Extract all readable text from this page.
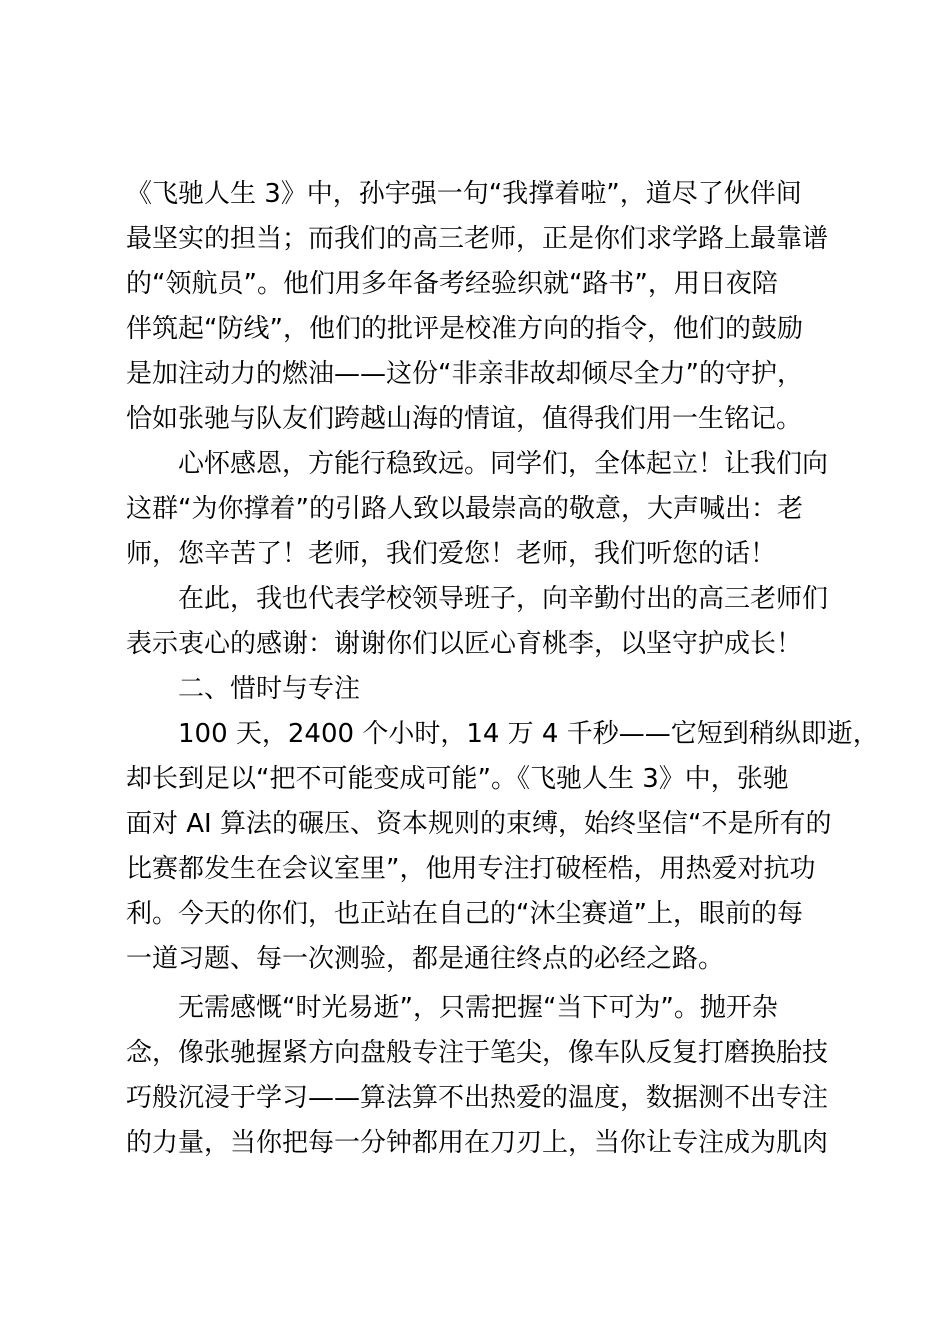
《飞驰人生 3》中，孙宇强一句“我撑着啦”，道尽了伙伴间
最坚实的担当；而我们的高三老师，正是你们求学路上最靠谱
的“领航员”。他们用多年备考经验织就“路书”，用日夜陪
伴筑起“防线”，他们的批评是校准方向的指令，他们的鼓励
是加注动力的燃油——这份“非亲非故却倾尽全力”的守护，
恰如张驰与队友们跨越山海的情谊，值得我们用一生铭记。
心怀感恩，方能行稳致远。同学们，全体起立！让我们向
这群“为你撑着”的引路人致以最崇高的敬意，大声喊出：老
师，您辛苦了！老师，我们爱您！老师，我们听您的话！
在此，我也代表学校领导班子，向辛勤付出的高三老师们
表示衷心的感谢：谢谢你们以匠心育桃李，以坚守护成长！
二、惜时与专注
100 天，2400 个小时，14 万 4 千秒——它短到稍纵即逝，
却长到足以“把不可能变成可能”。《飞驰人生 3》中，张驰
面对 AI 算法的碾压、资本规则的束缚，始终坚信“不是所有的
比赛都发生在会议室里”，他用专注打破桎梏，用热爱对抗功
利。今天的你们，也正站在自己的“沐尘赛道”上，眼前的每
一道习题、每一次测验，都是通往终点的必经之路。
无需感慨“时光易逝”，只需把握“当下可为”。抛开杂
念，像张驰握紧方向盘般专注于笔尖，像车队反复打磨换胎技
巧般沉浸于学习——算法算不出热爱的温度，数据测不出专注
的力量，当你把每一分钟都用在刀刃上，当你让专注成为肌肉
